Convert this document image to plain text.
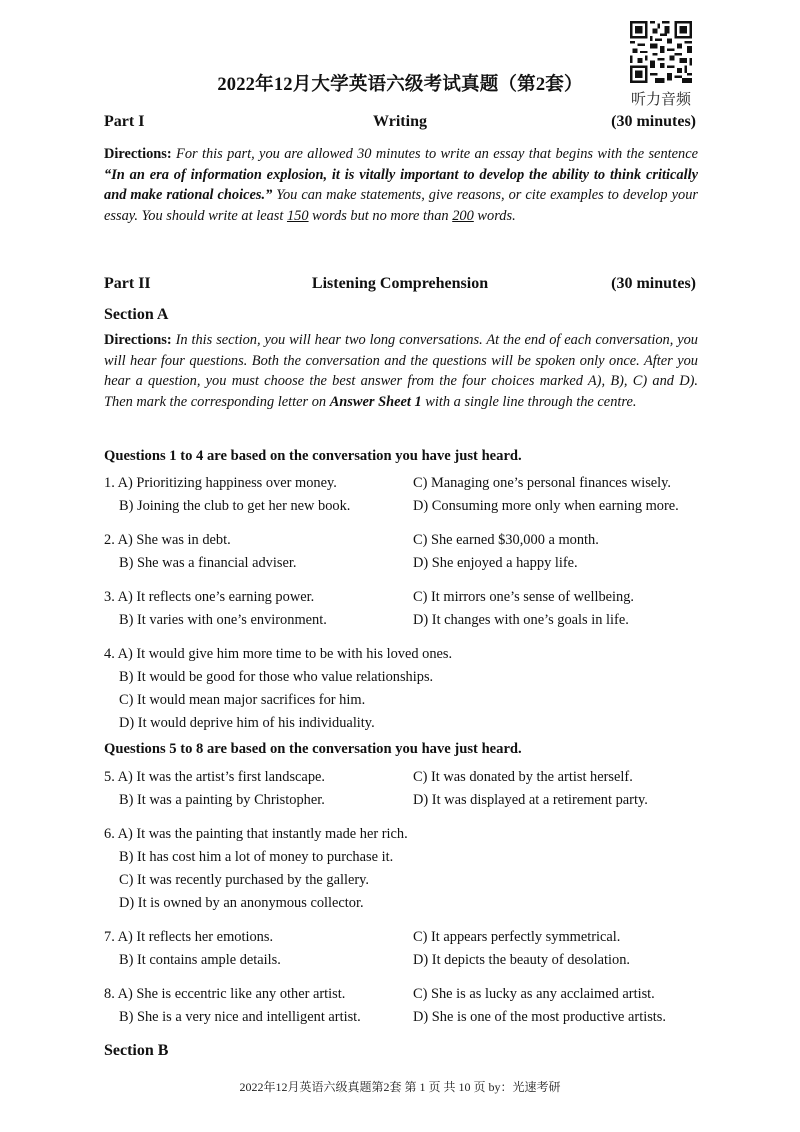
2022年12月大学英语六级考试真题（第2套）
听力音频
Part I	Writing	(30 minutes)
Directions: For this part, you are allowed 30 minutes to write an essay that begins with the sentence “In an era of information explosion, it is vitally important to develop the ability to think critically and make rational choices.” You can make statements, give reasons, or cite examples to develop your essay. You should write at least 150 words but no more than 200 words.
Part II	Listening Comprehension	(30 minutes)
Section A
Directions: In this section, you will hear two long conversations. At the end of each conversation, you will hear four questions. Both the conversation and the questions will be spoken only once. After you hear a question, you must choose the best answer from the four choices marked A), B), C) and D). Then mark the corresponding letter on Answer Sheet 1 with a single line through the centre.
Questions 1 to 4 are based on the conversation you have just heard.
1. A) Prioritizing happiness over money.	C) Managing one’s personal finances wisely.
B) Joining the club to get her new book.	D) Consuming more only when earning more.
2. A) She was in debt.	C) She earned $30,000 a month.
B) She was a financial adviser.	D) She enjoyed a happy life.
3. A) It reflects one’s earning power.	C) It mirrors one’s sense of wellbeing.
B) It varies with one’s environment.	D) It changes with one’s goals in life.
4. A) It would give him more time to be with his loved ones.
B) It would be good for those who value relationships.
C) It would mean major sacrifices for him.
D) It would deprive him of his individuality.
Questions 5 to 8 are based on the conversation you have just heard.
5. A) It was the artist’s first landscape.	C) It was donated by the artist herself.
B) It was a painting by Christopher.	D) It was displayed at a retirement party.
6. A) It was the painting that instantly made her rich.
B) It has cost him a lot of money to purchase it.
C) It was recently purchased by the gallery.
D) It is owned by an anonymous collector.
7. A) It reflects her emotions.	C) It appears perfectly symmetrical.
B) It contains ample details.	D) It depicts the beauty of desolation.
8. A) She is eccentric like any other artist.	C) She is as lucky as any acclaimed artist.
B) She is a very nice and intelligent artist.	D) She is one of the most productive artists.
Section B
2022年12月英语六级真题第2套 第 1 页 共 10 页 by：光速考研
